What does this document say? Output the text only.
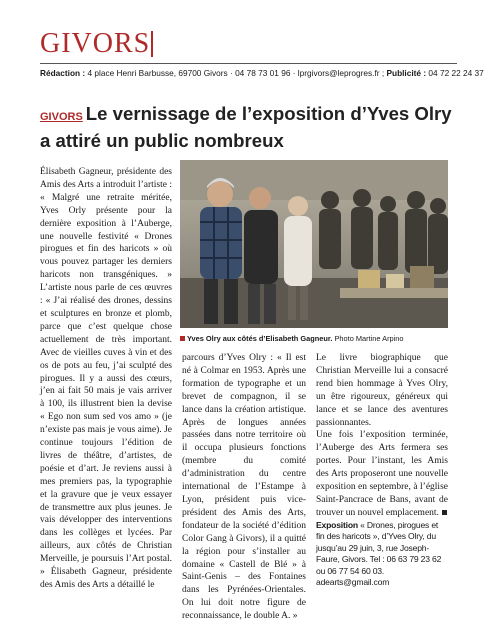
GIVORS
Rédaction : 4 place Henri Barbusse, 69700 Givors · 04 78 73 01 96 · lprgivors@leprogres.fr ; Publicité : 04 72 22 24 37
GIVORS Le vernissage de l’exposition d’Yves Olry a attiré un public nombreux
Yves Olry aux côtés d’Elisabeth Gagneur. Photo Martine Arpino

Élisabeth Gagneur, présidente des Amis des Arts a introduit l’artiste : « Malgré une retraite méritée, Yves Orly présente pour la dernière exposition à l’Auberge, une nouvelle festivité « Drones pirogues et fin des haricots » où vous pouvez partager les derniers haricots non transgéniques. » L’artiste nous parle de ces œuvres : « J’ai réalisé des drones, dessins et sculptures en bronze et plomb, parce que c’est quelque chose actuellement de très important. Avec de vieilles cuves à vin et des os de pots au feu, j’ai sculpté des pirogues. Il y a aussi des cœurs, j’en ai fait 50 mais je vais arriver à 100, ils illustrent bien la devise « Ego non sum sed vos amo » (je n’existe pas mais je vous aime). Je continue toujours l’édition de livres de théâtre, d’artistes, de poésie et d’art. Je reviens aussi à mes premiers pas, la typographie et la gravure que je veux essayer de transmettre aux plus jeunes. Je vais développer des interventions dans les collèges et lycées. Par ailleurs, aux côtés de Christian Merveille, je poursuis l’Art postal. » Élisabeth Gagneur, présidente des Amis des Arts a détaillé le

parcours d’Yves Olry : « Il est né à Colmar en 1953. Après une formation de typographe et un brevet de compagnon, il se lance dans la création artistique. Après de longues années passées dans notre territoire où il occupa plusieurs fonctions (membre du comité d’administration du centre international de l’Estampe à Lyon, président puis vice-président des Amis des Arts, fondateur de la société d’édition Color Gang à Givors), il a quitté la région pour s’installer au domaine « Castell de Blé » à Saint-Genis – des Fontaines dans les Pyrénées-Orientales. On lui doit notre figure de reconnaissance, le double A. »

Le livre biographique que Christian Merveille lui a consacré rend bien hommage à Yves Olry, un être rigoureux, généreux qui lance et se lance des aventures passionnantes.

Une fois l’exposition terminée, l’Auberge des Arts fermera ses portes. Pour l’instant, les Amis des Arts proposeront une nouvelle exposition en septembre, à l’église Saint-Pancrace de Bans, avant de trouver un nouvel emplacement.

Exposition « Drones, pirogues et fin des haricots », d’Yves Olry, du jusqu’au 29 juin, 3, rue Joseph-Faure, Givors. Tel : 06 63 79 23 62 ou 06 77 54 60 03. adearts@gmail.com
